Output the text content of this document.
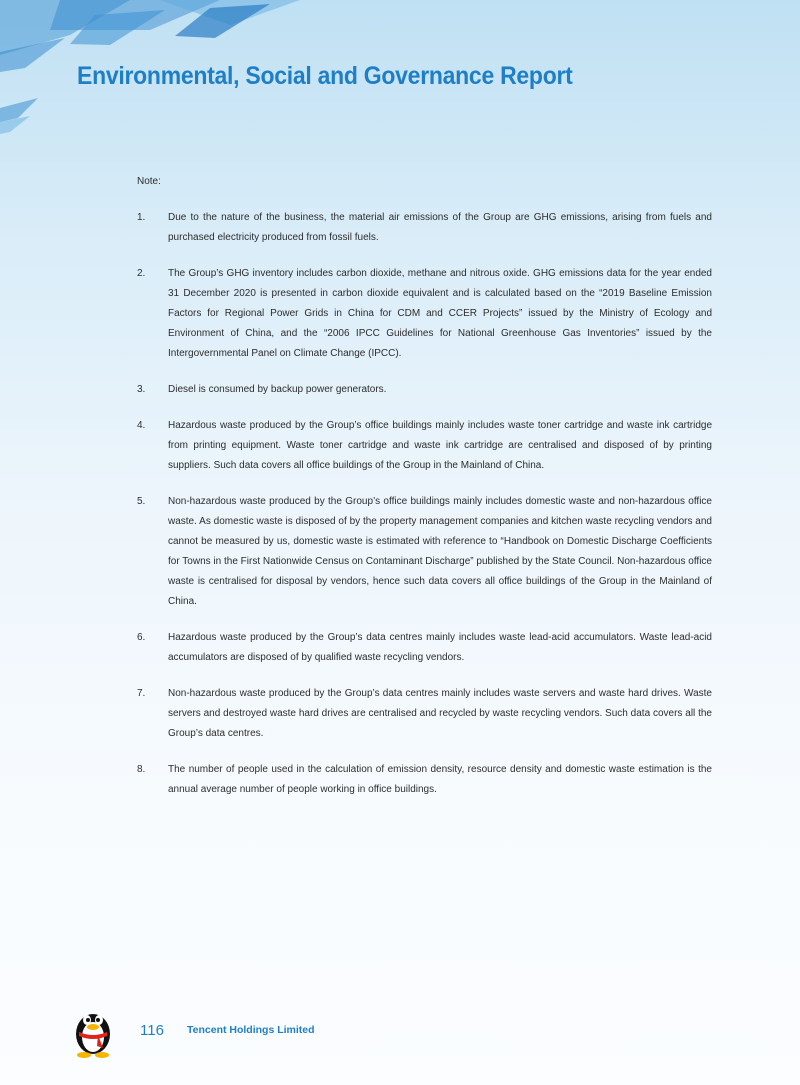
Environmental, Social and Governance Report

Note:

1. Due to the nature of the business, the material air emissions of the Group are GHG emissions, arising from fuels and purchased electricity produced from fossil fuels.
2. The Group’s GHG inventory includes carbon dioxide, methane and nitrous oxide. GHG emissions data for the year ended 31 December 2020 is presented in carbon dioxide equivalent and is calculated based on the “2019 Baseline Emission Factors for Regional Power Grids in China for CDM and CCER Projects” issued by the Ministry of Ecology and Environment of China, and the “2006 IPCC Guidelines for National Greenhouse Gas Inventories” issued by the Intergovernmental Panel on Climate Change (IPCC).
3. Diesel is consumed by backup power generators.
4. Hazardous waste produced by the Group’s office buildings mainly includes waste toner cartridge and waste ink cartridge from printing equipment. Waste toner cartridge and waste ink cartridge are centralised and disposed of by printing suppliers. Such data covers all office buildings of the Group in the Mainland of China.
5. Non-hazardous waste produced by the Group’s office buildings mainly includes domestic waste and non-hazardous office waste. As domestic waste is disposed of by the property management companies and kitchen waste recycling vendors and cannot be measured by us, domestic waste is estimated with reference to “Handbook on Domestic Discharge Coefficients for Towns in the First Nationwide Census on Contaminant Discharge” published by the State Council. Non-hazardous office waste is centralised for disposal by vendors, hence such data covers all office buildings of the Group in the Mainland of China.
6. Hazardous waste produced by the Group’s data centres mainly includes waste lead-acid accumulators. Waste lead-acid accumulators are disposed of by qualified waste recycling vendors.
7. Non-hazardous waste produced by the Group’s data centres mainly includes waste servers and waste hard drives. Waste servers and destroyed waste hard drives are centralised and recycled by waste recycling vendors. Such data covers all the Group’s data centres.
8. The number of people used in the calculation of emission density, resource density and domestic waste estimation is the annual average number of people working in office buildings.
116 Tencent Holdings Limited
